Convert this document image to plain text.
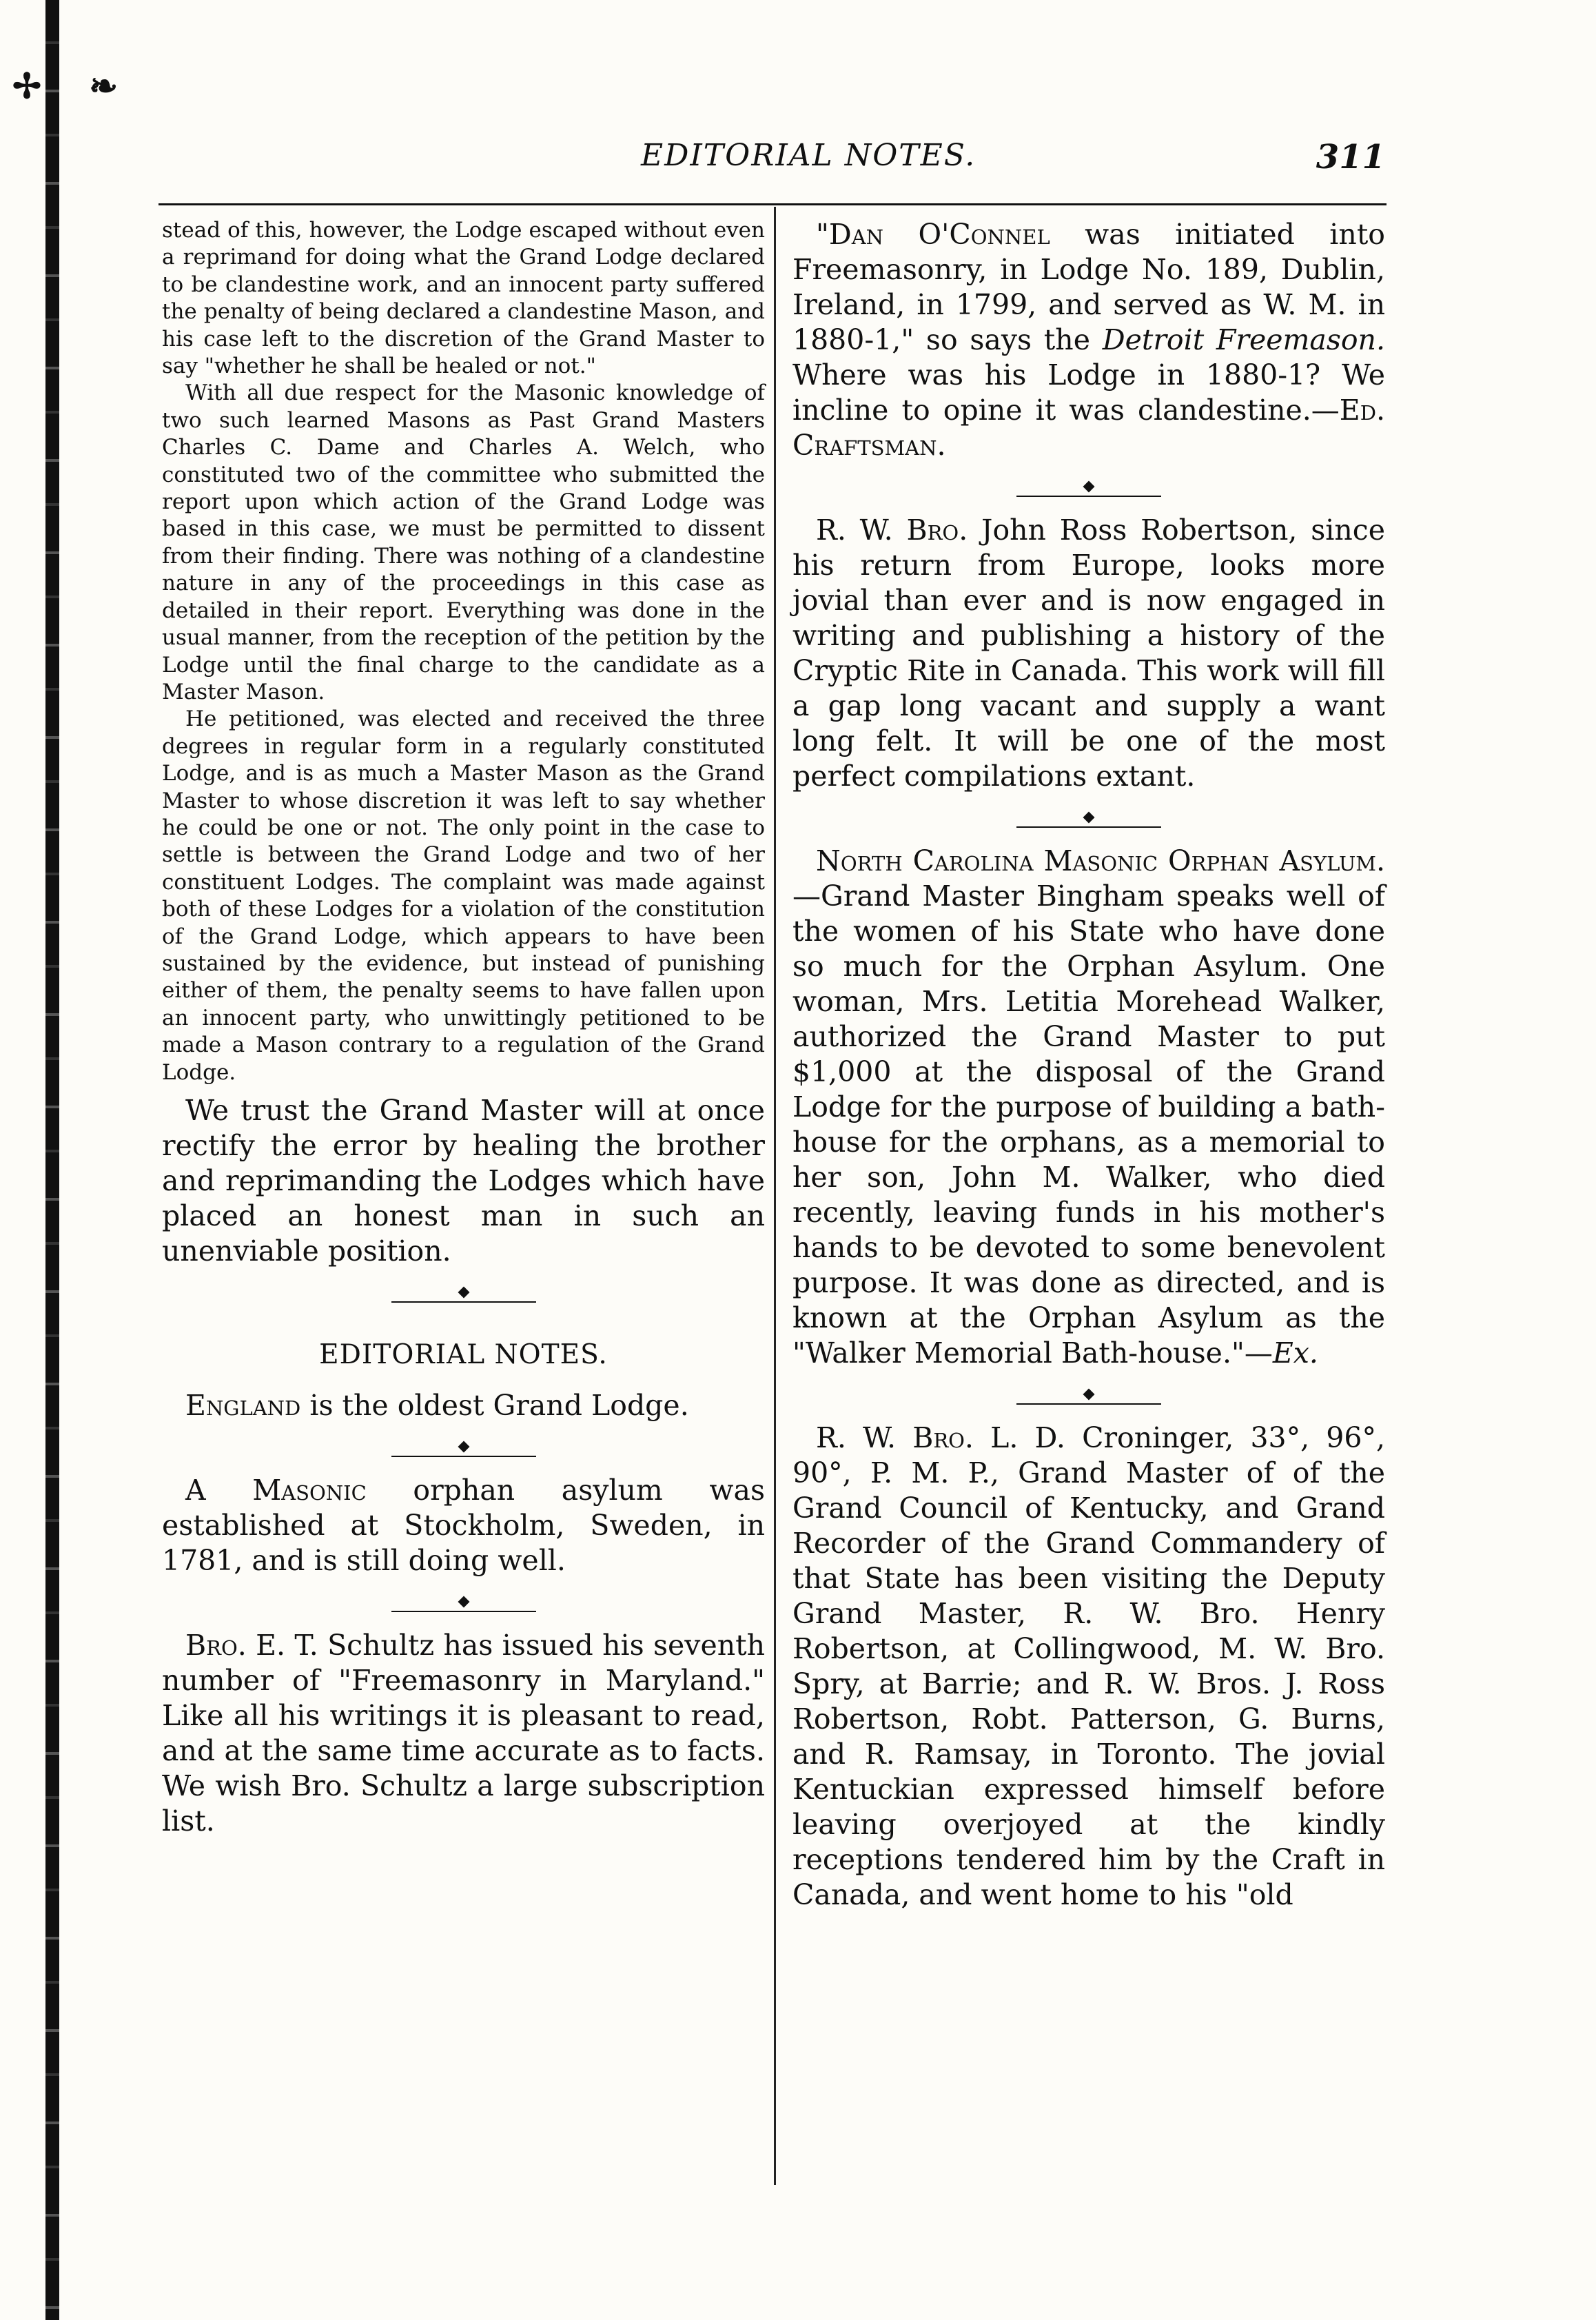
✢ ❧
EDITORIAL NOTES.	311

stead of this, however, the Lodge escaped without even a reprimand for doing what the Grand Lodge declared to be clandestine work, and an innocent party suffered the penalty of being declared a clandestine Mason, and his case left to the discretion of the Grand Master to say "whether he shall be healed or not."

With all due respect for the Masonic knowledge of two such learned Masons as Past Grand Masters Charles C. Dame and Charles A. Welch, who constituted two of the committee who submitted the report upon which action of the Grand Lodge was based in this case, we must be permitted to dissent from their finding. There was nothing of a clandestine nature in any of the proceedings in this case as detailed in their report. Everything was done in the usual manner, from the reception of the petition by the Lodge until the final charge to the candidate as a Master Mason.

He petitioned, was elected and received the three degrees in regular form in a regularly constituted Lodge, and is as much a Master Mason as the Grand Master to whose discretion it was left to say whether he could be one or not. The only point in the case to settle is between the Grand Lodge and two of her constituent Lodges. The complaint was made against both of these Lodges for a violation of the constitution of the Grand Lodge, which appears to have been sustained by the evidence, but instead of punishing either of them, the penalty seems to have fallen upon an innocent party, who unwittingly petitioned to be made a Mason contrary to a regulation of the Grand Lodge.

We trust the Grand Master will at once rectify the error by healing the brother and reprimanding the Lodges which have placed an honest man in such an unenviable position.

EDITORIAL NOTES.

England is the oldest Grand Lodge.

A Masonic orphan asylum was established at Stockholm, Sweden, in 1781, and is still doing well.

Bro. E. T. Schultz has issued his seventh number of "Freemasonry in Maryland." Like all his writings it is pleasant to read, and at the same time accurate as to facts. We wish Bro. Schultz a large subscription list.

"Dan O'Connel was initiated into Freemasonry, in Lodge No. 189, Dublin, Ireland, in 1799, and served as W. M. in 1880-1," so says the Detroit Freemason. Where was his Lodge in 1880-1? We incline to opine it was clandestine.—Ed. Craftsman.

R. W. Bro. John Ross Robertson, since his return from Europe, looks more jovial than ever and is now engaged in writing and publishing a history of the Cryptic Rite in Canada. This work will fill a gap long vacant and supply a want long felt. It will be one of the most perfect compilations extant.

North Carolina Masonic Orphan Asylum.—Grand Master Bingham speaks well of the women of his State who have done so much for the Orphan Asylum. One woman, Mrs. Letitia Morehead Walker, authorized the Grand Master to put $1,000 at the disposal of the Grand Lodge for the purpose of building a bath-house for the orphans, as a memorial to her son, John M. Walker, who died recently, leaving funds in his mother's hands to be devoted to some benevolent purpose. It was done as directed, and is known at the Orphan Asylum as the "Walker Memorial Bath-house."—Ex.

R. W. Bro. L. D. Croninger, 33°, 96°, 90°, P. M. P., Grand Master of of the Grand Council of Kentucky, and Grand Recorder of the Grand Commandery of that State has been visiting the Deputy Grand Master, R. W. Bro. Henry Robertson, at Collingwood, M. W. Bro. Spry, at Barrie; and R. W. Bros. J. Ross Robertson, Robt. Patterson, G. Burns, and R. Ramsay, in Toronto. The jovial Kentuckian expressed himself before leaving overjoyed at the kindly receptions tendered him by the Craft in Canada, and went home to his "old
